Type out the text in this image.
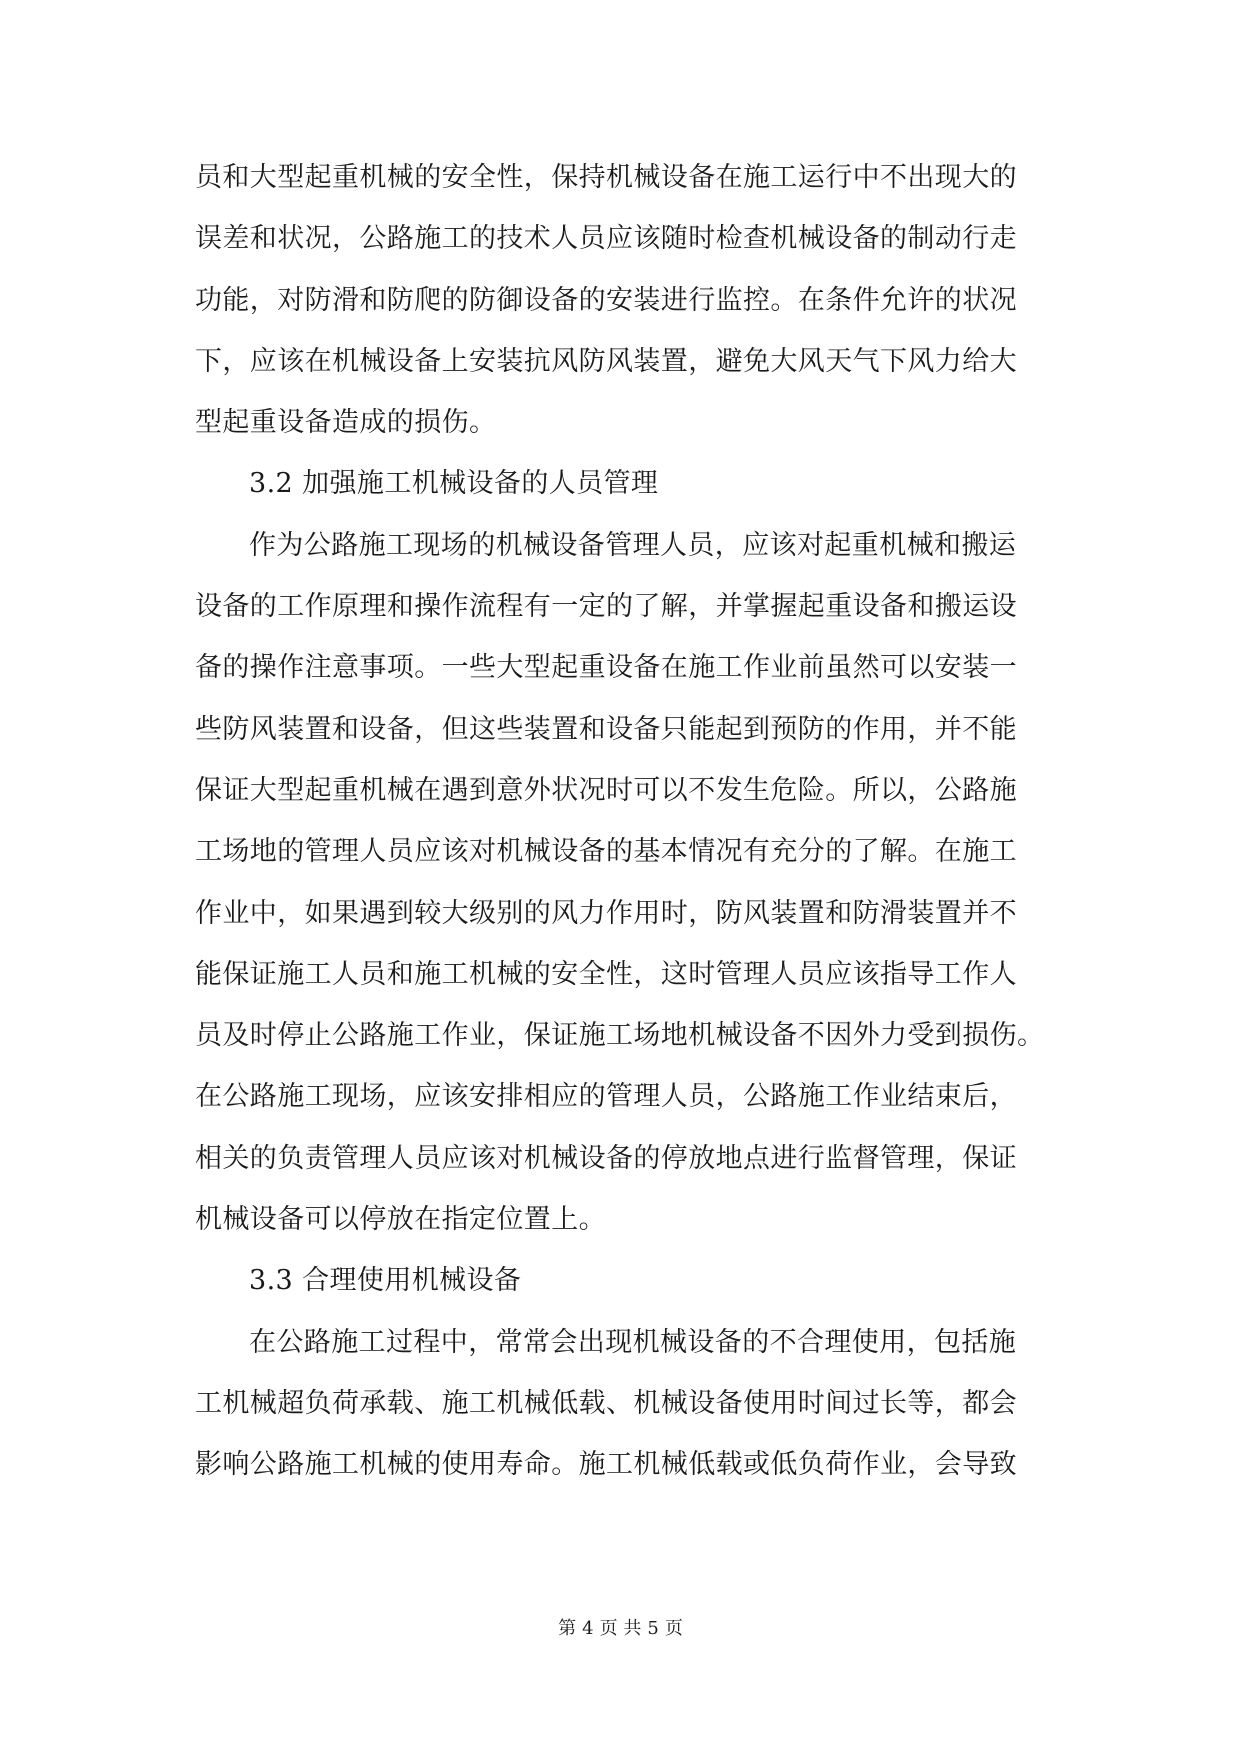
员和大型起重机械的安全性，保持机械设备在施工运行中不出现大的
误差和状况，公路施工的技术人员应该随时检查机械设备的制动行走
功能，对防滑和防爬的防御设备的安装进行监控。在条件允许的状况
下，应该在机械设备上安装抗风防风装置，避免大风天气下风力给大
型起重设备造成的损伤。
3.2 加强施工机械设备的人员管理
作为公路施工现场的机械设备管理人员，应该对起重机械和搬运
设备的工作原理和操作流程有一定的了解，并掌握起重设备和搬运设
备的操作注意事项。一些大型起重设备在施工作业前虽然可以安装一
些防风装置和设备，但这些装置和设备只能起到预防的作用，并不能
保证大型起重机械在遇到意外状况时可以不发生危险。所以，公路施
工场地的管理人员应该对机械设备的基本情况有充分的了解。在施工
作业中，如果遇到较大级别的风力作用时，防风装置和防滑装置并不
能保证施工人员和施工机械的安全性，这时管理人员应该指导工作人
员及时停止公路施工作业，保证施工场地机械设备不因外力受到损伤。
在公路施工现场，应该安排相应的管理人员，公路施工作业结束后，
相关的负责管理人员应该对机械设备的停放地点进行监督管理，保证
机械设备可以停放在指定位置上。
3.3 合理使用机械设备
在公路施工过程中，常常会出现机械设备的不合理使用，包括施
工机械超负荷承载、施工机械低载、机械设备使用时间过长等，都会
影响公路施工机械的使用寿命。施工机械低载或低负荷作业，会导致
第 4 页 共 5 页
